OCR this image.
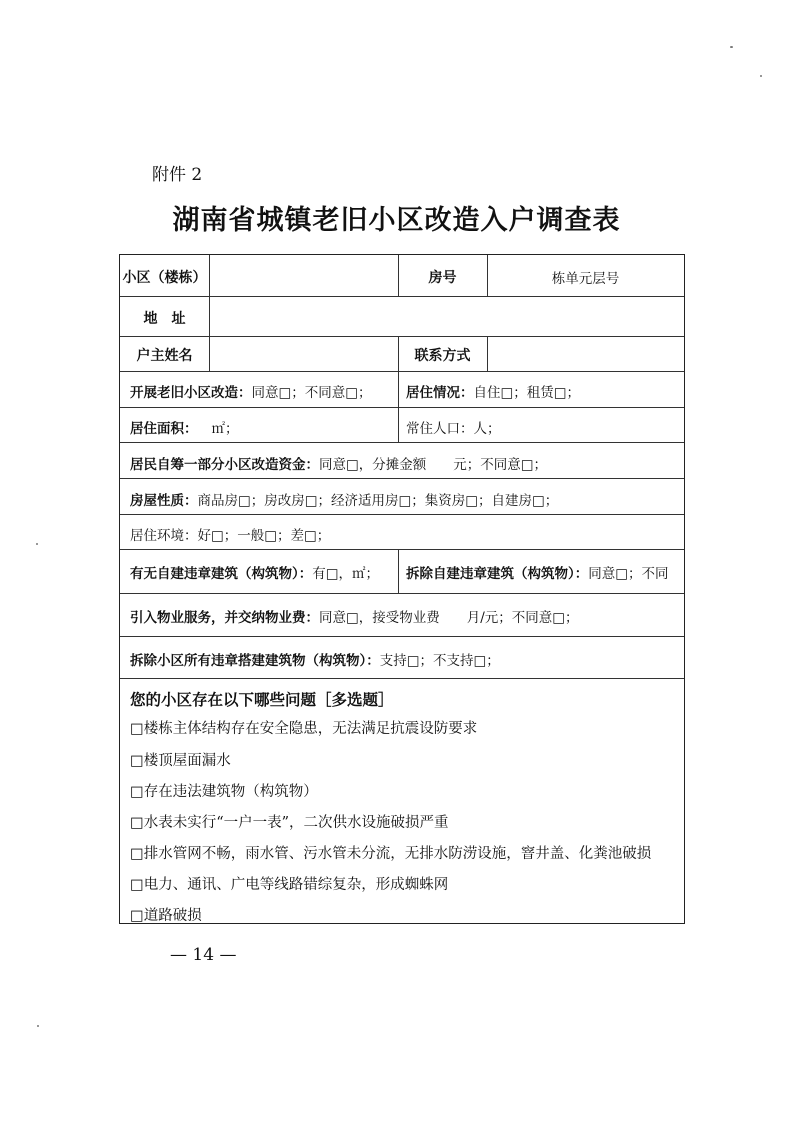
附件 2
湖南省城镇老旧小区改造入户调查表
小区（楼栋）	房号	栋单元层号
地　址
户主姓名	联系方式
开展老旧小区改造：同意□；不同意□；	居住情况：自住□；租赁□；
居住面积： ㎡；	常住人口：人；
居民自筹一部分小区改造资金：同意□，分摊金额　　元；不同意□；
房屋性质：商品房□；房改房□；经济适用房□；集资房□；自建房□；
居住环境：好□；一般□；差□；
有无自建违章建筑（构筑物）：有□，㎡；	拆除自建违章建筑（构筑物）：同意□；不同
引入物业服务，并交纳物业费：同意□，接受物业费　　月/元；不同意□；
拆除小区所有违章搭建建筑物（构筑物）：支持□；不支持□；
您的小区存在以下哪些问题［多选题］
□楼栋主体结构存在安全隐患，无法满足抗震设防要求
□楼顶屋面漏水
□存在违法建筑物（构筑物）
□水表未实行“一户一表”，二次供水设施破损严重
□排水管网不畅，雨水管、污水管未分流，无排水防涝设施，窨井盖、化粪池破损
□电力、通讯、广电等线路错综复杂，形成蜘蛛网
□道路破损
— 14 —
